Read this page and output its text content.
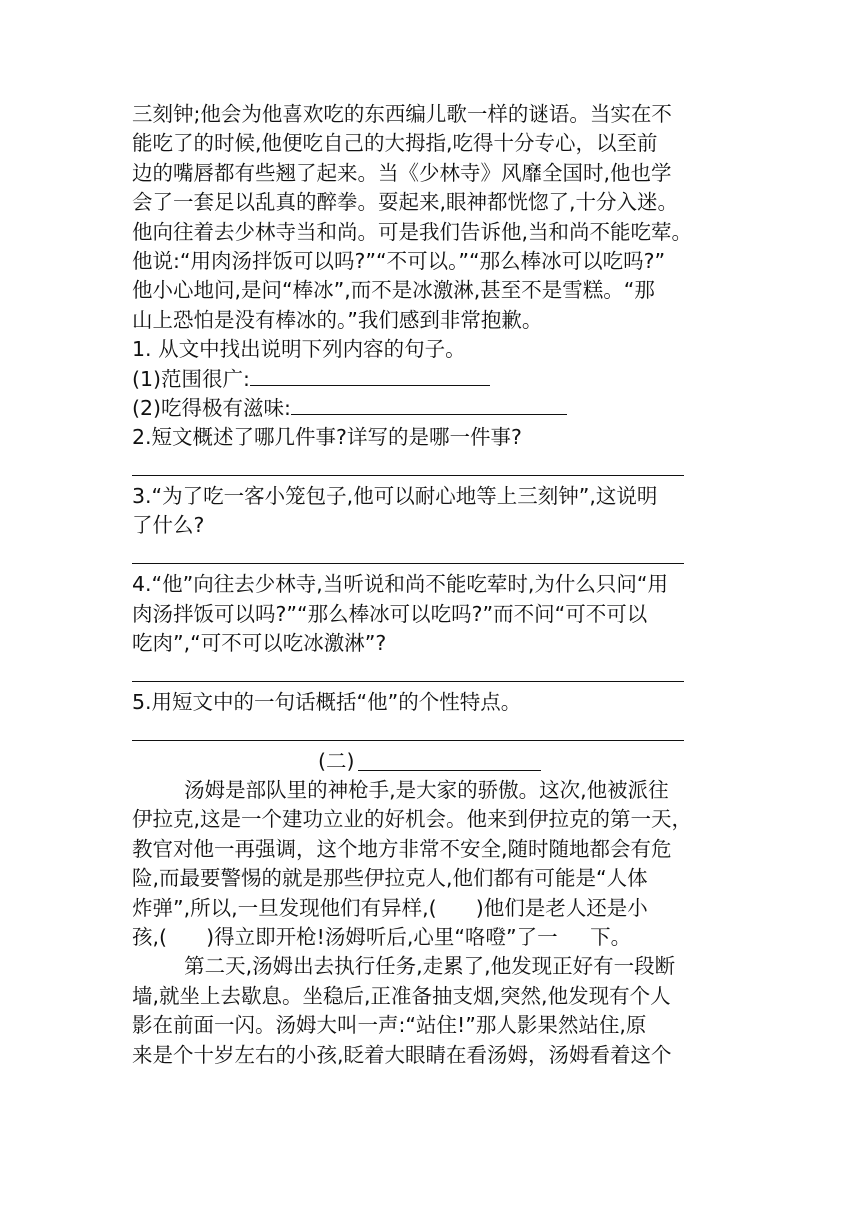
三刻钟;他会为他喜欢吃的东西编儿歌一样的谜语。当实在不
能吃了的时候,他便吃自己的大拇指,吃得十分专心，以至前
边的嘴唇都有些翘了起来。当《少林寺》风靡全国时,他也学
会了一套足以乱真的醉拳。耍起来,眼神都恍惚了,十分入迷。
他向往着去少林寺当和尚。可是我们告诉他,当和尚不能吃荤。
他说:“用肉汤拌饭可以吗?”“不可以。”“那么棒冰可以吃吗?”
他小心地问,是问“棒冰”,而不是冰激淋,甚至不是雪糕。“那
山上恐怕是没有棒冰的。”我们感到非常抱歉。
1. 从文中找出说明下列内容的句子。
(1)范围很广:
(2)吃得极有滋味:
2.短文概述了哪几件事?详写的是哪一件事?
3.“为了吃一客小笼包子,他可以耐心地等上三刻钟”,这说明
了什么?
4.“他”向往去少林寺,当听说和尚不能吃荤时,为什么只问“用
肉汤拌饭可以吗?”“那么棒冰可以吃吗?”而不问“可不可以
吃肉”,“可不可以吃冰激淋”?
5.用短文中的一句话概括“他”的个性特点。
(二)
汤姆是部队里的神枪手,是大家的骄傲。这次,他被派往
伊拉克,这是一个建功立业的好机会。他来到伊拉克的第一天，
教官对他一再强调，这个地方非常不安全,随时随地都会有危
险,而最要警惕的就是那些伊拉克人,他们都有可能是“人体
炸弹”,所以,一旦发现他们有异样,(      )他们是老人还是小
孩,(      )得立即开枪!汤姆听后,心里“咯噔”了一     下。
第二天,汤姆出去执行任务,走累了,他发现正好有一段断
墙,就坐上去歇息。坐稳后,正准备抽支烟,突然,他发现有个人
影在前面一闪。汤姆大叫一声:“站住!”那人影果然站住,原
来是个十岁左右的小孩,眨着大眼睛在看汤姆，汤姆看着这个
